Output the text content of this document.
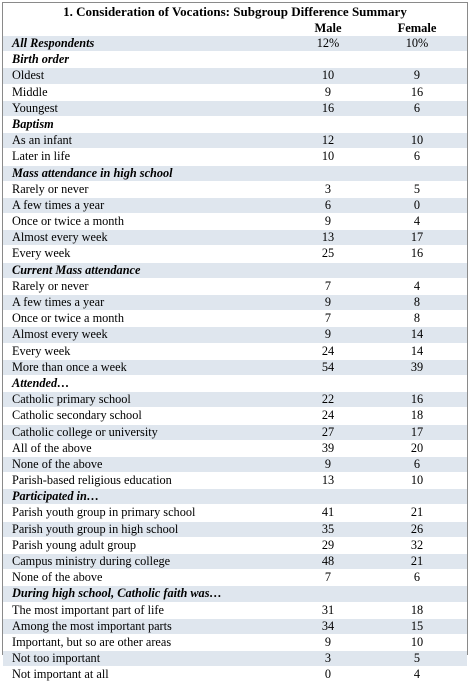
1. Consideration of Vocations: Subgroup Difference Summary
Male	Female
All Respondents	12%	10%
Birth order
Oldest	10	9
Middle	9	16
Youngest	16	6
Baptism
As an infant	12	10
Later in life	10	6
Mass attendance in high school
Rarely or never	3	5
A few times a year	6	0
Once or twice a month	9	4
Almost every week	13	17
Every week	25	16
Current Mass attendance
Rarely or never	7	4
A few times a year	9	8
Once or twice a month	7	8
Almost every week	9	14
Every week	24	14
More than once a week	54	39
Attended…
Catholic primary school	22	16
Catholic secondary school	24	18
Catholic college or university	27	17
All of the above	39	20
None of the above	9	6
Parish-based religious education	13	10
Participated in…
Parish youth group in primary school	41	21
Parish youth group in high school	35	26
Parish young adult group	29	32
Campus ministry during college	48	21
None of the above	7	6
During high school, Catholic faith was…
The most important part of life	31	18
Among the most important parts	34	15
Important, but so are other areas	9	10
Not too important	3	5
Not important at all	0	4
